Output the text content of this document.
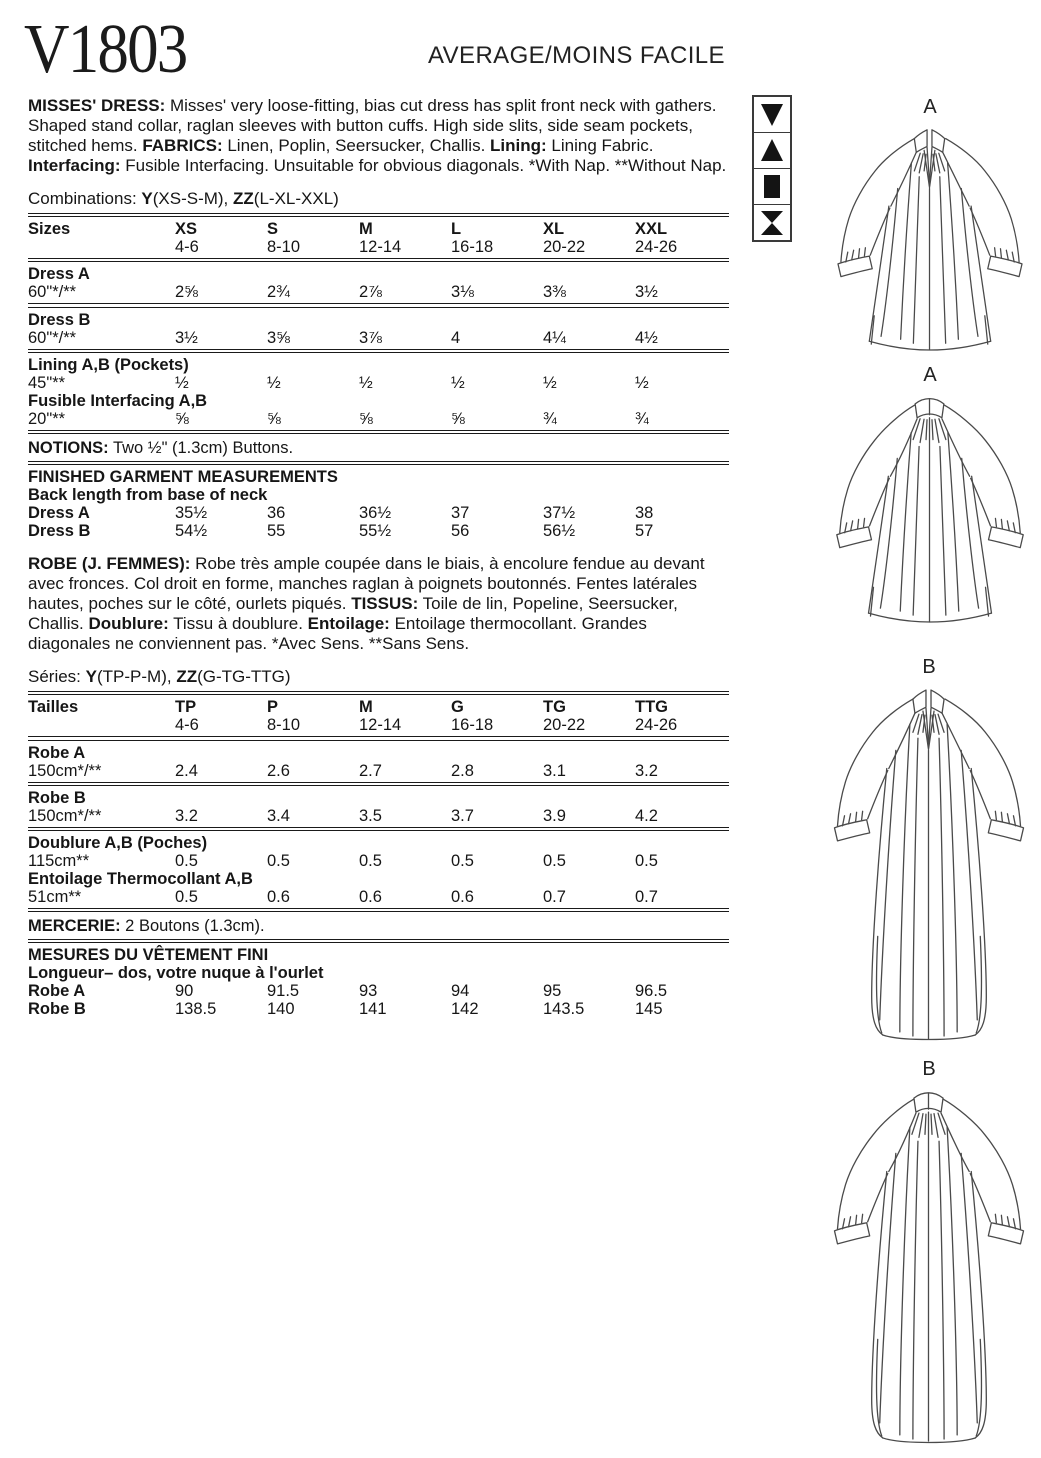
V1803	AVERAGE/MOINS FACILE

MISSES' DRESS: Misses' very loose-fitting, bias cut dress has split front neck with gathers. Shaped stand collar, raglan sleeves with button cuffs. High side slits, side seam pockets, stitched hems. FABRICS: Linen, Poplin, Seersucker, Challis. Lining: Lining Fabric. Interfacing: Fusible Interfacing. Unsuitable for obvious diagonals. *With Nap. **Without Nap.

Combinations: Y(XS-S-M), ZZ(L-XL-XXL)
Sizes	XS	S	M	L	XL	XXL
4-6	8-10	12-14	16-18	20-22	24-26
Dress A
60"*/**	2⅝	2¾	2⅞	3⅛	3⅜	3½
Dress B
60"*/**	3½	3⅝	3⅞	4	4¼	4½
Lining A,B (Pockets)
45"**	½	½	½	½	½	½
Fusible Interfacing A,B
20"**	⅝	⅝	⅝	⅝	¾	¾
NOTIONS: Two ½" (1.3cm) Buttons.
FINISHED GARMENT MEASUREMENTS
Back length from base of neck
Dress A	35½	36	36½	37	37½	38
Dress B	54½	55	55½	56	56½	57

ROBE (J. FEMMES): Robe très ample coupée dans le biais, à encolure fendue au devant avec fronces. Col droit en forme, manches raglan à poignets boutonnés. Fentes latérales hautes, poches sur le côté, ourlets piqués. TISSUS: Toile de lin, Popeline, Seersucker, Challis. Doublure: Tissu à doublure. Entoilage: Entoilage thermocollant. Grandes diagonales ne conviennent pas. *Avec Sens. **Sans Sens.

Séries: Y(TP-P-M), ZZ(G-TG-TTG)
Tailles	TP	P	M	G	TG	TTG
4-6	8-10	12-14	16-18	20-22	24-26
Robe A
150cm*/**	2.4	2.6	2.7	2.8	3.1	3.2
Robe B
150cm*/**	3.2	3.4	3.5	3.7	3.9	4.2
Doublure A,B (Poches)
115cm**	0.5	0.5	0.5	0.5	0.5	0.5
Entoilage Thermocollant A,B
51cm**	0.5	0.6	0.6	0.6	0.7	0.7
MERCERIE: 2 Boutons (1.3cm).
MESURES DU VÊTEMENT FINI
Longueur– dos, votre nuque à l'ourlet
Robe A	90	91.5	93	94	95	96.5
Robe B	138.5	140	141	142	143.5	145
A
A
B
B
